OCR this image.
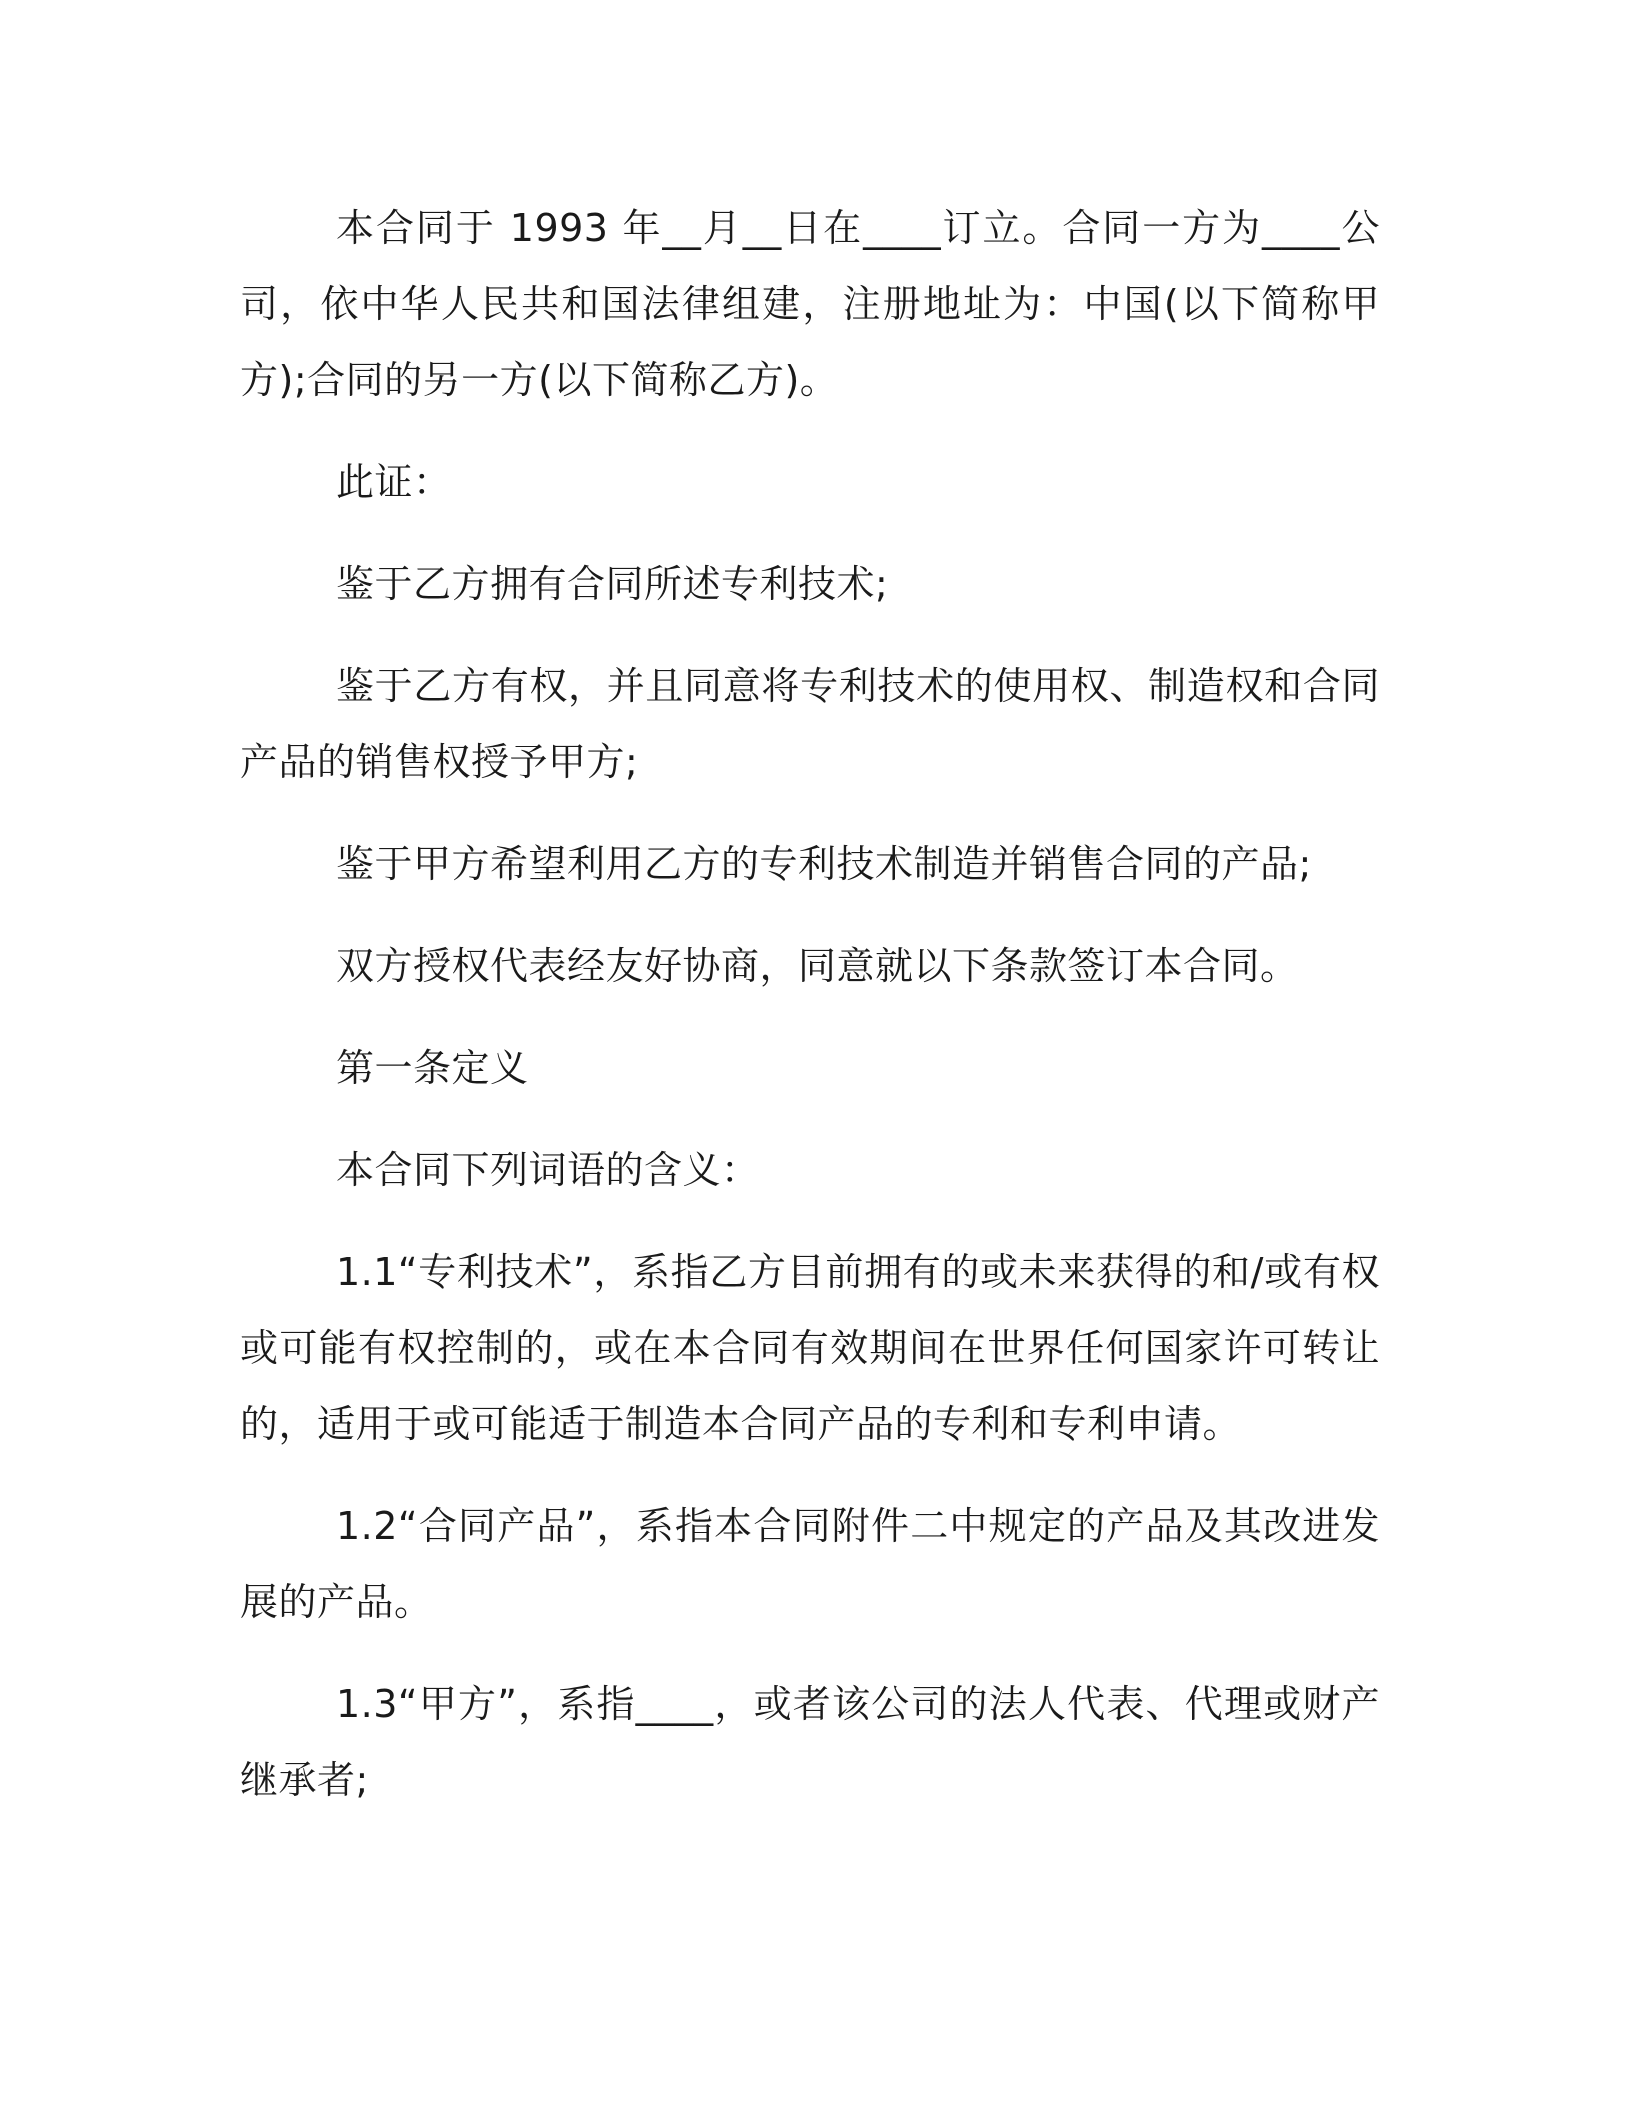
本合同于 1993 年__月__日在____订立。合同一方为____公司，依中华人民共和国法律组建，注册地址为：中国(以下简称甲方);合同的另一方(以下简称乙方)。

此证：

鉴于乙方拥有合同所述专利技术;

鉴于乙方有权，并且同意将专利技术的使用权、制造权和合同产品的销售权授予甲方;

鉴于甲方希望利用乙方的专利技术制造并销售合同的产品;

双方授权代表经友好协商，同意就以下条款签订本合同。

第一条定义

本合同下列词语的含义：

1.1“专利技术”，系指乙方目前拥有的或未来获得的和/或有权或可能有权控制的，或在本合同有效期间在世界任何国家许可转让的，适用于或可能适于制造本合同产品的专利和专利申请。

1.2“合同产品”，系指本合同附件二中规定的产品及其改进发展的产品。

1.3“甲方”，系指____，或者该公司的法人代表、代理或财产继承者;
